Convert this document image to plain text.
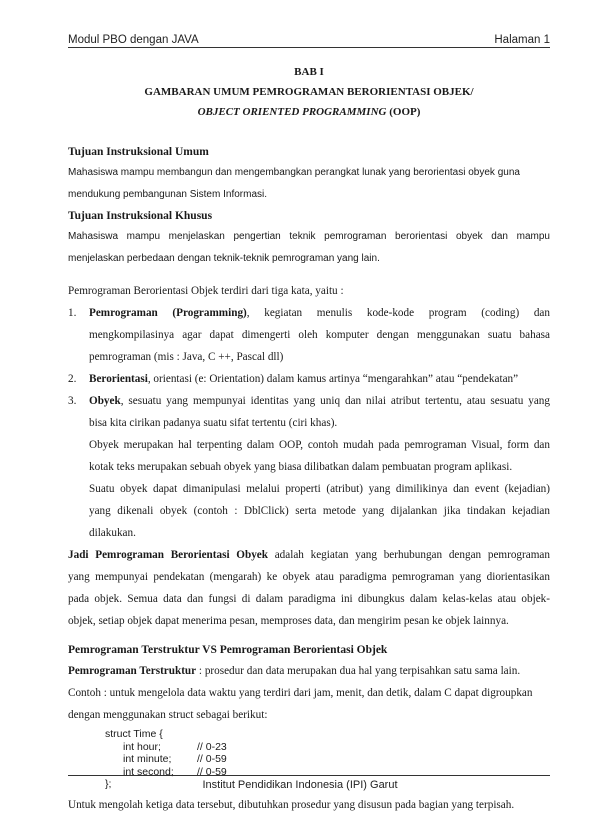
Modul PBO dengan JAVA	Halaman 1
BAB I
GAMBARAN UMUM PEMROGRAMAN BERORIENTASI OBJEK/
OBJECT ORIENTED PROGRAMMING (OOP)
Tujuan Instruksional Umum
Mahasiswa mampu membangun dan mengembangkan perangkat lunak yang berorientasi obyek guna
mendukung pembangunan Sistem Informasi.
Tujuan Instruksional Khusus
Mahasiswa mampu menjelaskan pengertian teknik pemrograman berorientasi obyek dan mampu
menjelaskan perbedaan dengan teknik-teknik pemrograman yang lain.
Pemrograman Berorientasi Objek terdiri dari tiga kata, yaitu :
1. Pemrograman (Programming), kegiatan menulis kode-kode program (coding) dan
mengkompilasinya agar dapat dimengerti oleh komputer dengan menggunakan suatu bahasa
pemrograman (mis : Java, C ++, Pascal dll)
2. Berorientasi, orientasi (e: Orientation) dalam kamus artinya “mengarahkan” atau “pendekatan”
3. Obyek, sesuatu yang mempunyai identitas yang uniq dan nilai atribut tertentu, atau sesuatu yang
bisa kita cirikan padanya suatu sifat tertentu (ciri khas).
Obyek merupakan hal terpenting dalam OOP, contoh mudah pada pemrograman Visual, form dan
kotak teks merupakan sebuah obyek yang biasa dilibatkan dalam pembuatan program aplikasi.
Suatu obyek dapat dimanipulasi melalui properti (atribut) yang dimilikinya dan event (kejadian)
yang dikenali obyek (contoh : DblClick) serta metode yang dijalankan jika tindakan kejadian
dilakukan.
Jadi Pemrograman Berorientasi Obyek adalah kegiatan yang berhubungan dengan pemrograman
yang mempunyai pendekatan (mengarah) ke obyek atau paradigma pemrograman yang diorientasikan
pada objek. Semua data dan fungsi di dalam paradigma ini dibungkus dalam kelas-kelas atau objek-
objek, setiap objek dapat menerima pesan, memproses data, dan mengirim pesan ke objek lainnya.
Pemrograman Terstruktur VS Pemrograman Berorientasi Objek
Pemrograman Terstruktur : prosedur dan data merupakan dua hal yang terpisahkan satu sama lain.
Contoh : untuk mengelola data waktu yang terdiri dari jam, menit, dan detik, dalam C dapat digroupkan
dengan menggunakan struct sebagai berikut:
struct Time {
int hour;	// 0-23
int minute; // 0-59
int second; // 0-59
};
Untuk mengolah ketiga data tersebut, dibutuhkan prosedur yang disusun pada bagian yang terpisah.
Institut Pendidikan Indonesia (IPI) Garut
